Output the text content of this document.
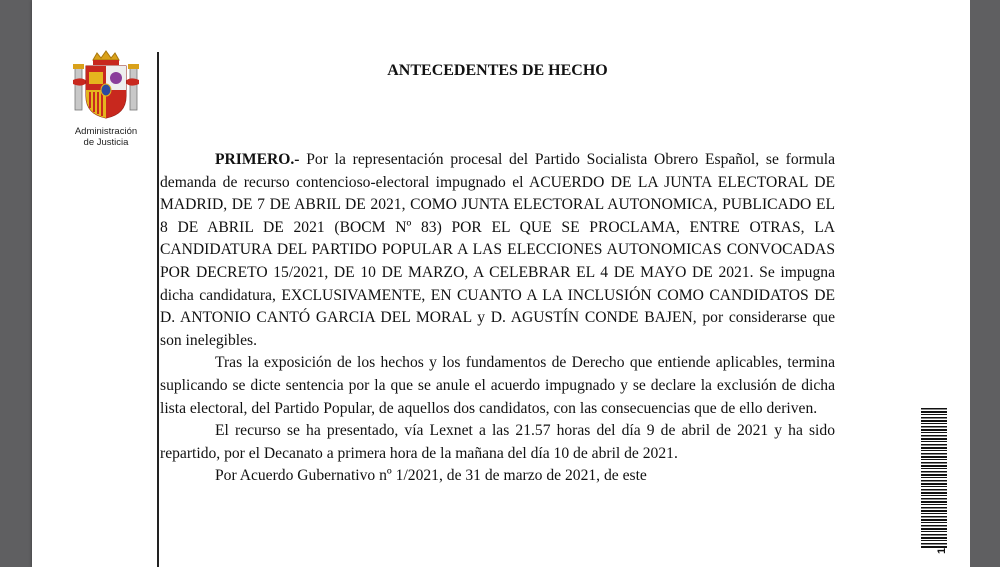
Administración
de Justicia
ANTECEDENTES DE HECHO

PRIMERO.- Por la representación procesal del Partido Socialista Obrero Español, se formula demanda de recurso contencioso-electoral impugnado el ACUERDO DE LA JUNTA ELECTORAL DE MADRID, DE 7 DE ABRIL DE 2021, COMO JUNTA ELECTORAL AUTONOMICA, PUBLICADO EL 8 DE ABRIL DE 2021 (BOCM Nº 83) POR EL QUE SE PROCLAMA, ENTRE OTRAS, LA CANDIDATURA DEL PARTIDO POPULAR A LAS ELECCIONES AUTONOMICAS CONVOCADAS POR DECRETO 15/2021, DE 10 DE MARZO, A CELEBRAR EL 4 DE MAYO DE 2021. Se impugna dicha candidatura, EXCLUSIVAMENTE, EN CUANTO A LA INCLUSIÓN COMO CANDIDATOS DE D. ANTONIO CANTÓ GARCIA DEL MORAL y D. AGUSTÍN CONDE BAJEN, por considerarse que son inelegibles.

Tras la exposición de los hechos y los fundamentos de Derecho que entiende aplicables, termina suplicando se dicte sentencia por la que se anule el acuerdo impugnado y se declare la exclusión de dicha lista electoral, del Partido Popular, de aquellos dos candidatos, con las consecuencias que de ello deriven.

El recurso se ha presentado, vía Lexnet a las 21.57 horas del día 9 de abril de 2021 y ha sido repartido, por el Decanato a primera hora de la mañana del día 10 de abril de 2021.

Por Acuerdo Gubernativo nº 1/2021, de 31 de marzo de 2021, de este

1
